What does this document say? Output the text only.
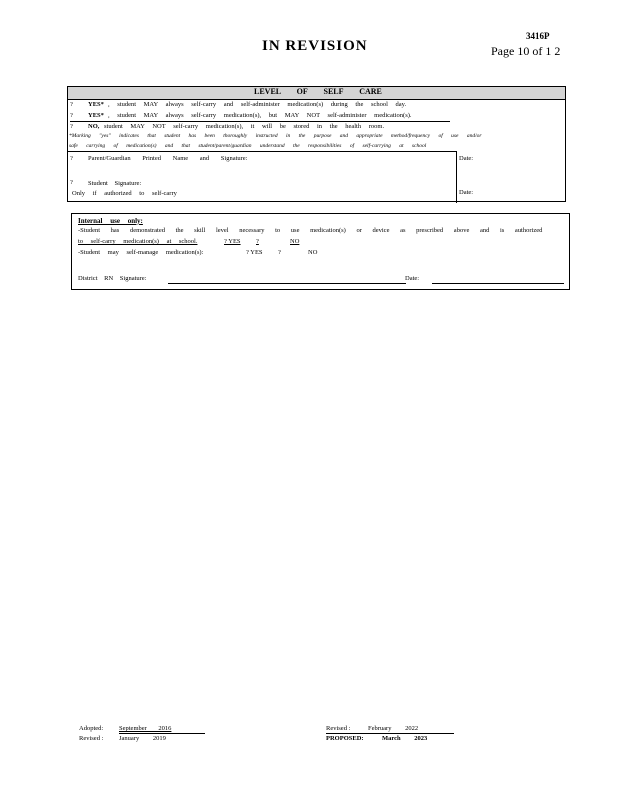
IN REVISION
3416P
Page 10 of 1 2
LEVEL OF SELF CARE
? YES* , student MAY always self-carry and self-administer medication(s) during the school day.
? YES* , student MAY always self-carry medication(s), but MAY NOT self-administer medication(s).
? NO, student MAY NOT self-carry medication(s), it will be stored in the health room.
*Marking "yes" indicates that student has been thoroughly instructed in the purpose and appropriate method/frequency of use and/or
safe carrying of medication(s) and that student/parent/guardian understand the responsibilities of self-carrying at school
? Parent/Guardian Printed Name and Signature:	Date:
? Student Signature:
Only if authorized to self-carry	Date:
Internal use only:
-Student has demonstrated the skill level necessary to use medication(s) or device as prescribed above and is authorized
to self-carry medication(s) at school.	? YES ?	NO
-Student may self-manage medication(s):	? YES ?	NO
District RN Signature:	Date:
Adopted: September 2016
Revised : January 2019
Revised :	February 2022
PROPOSED:	March 2023
